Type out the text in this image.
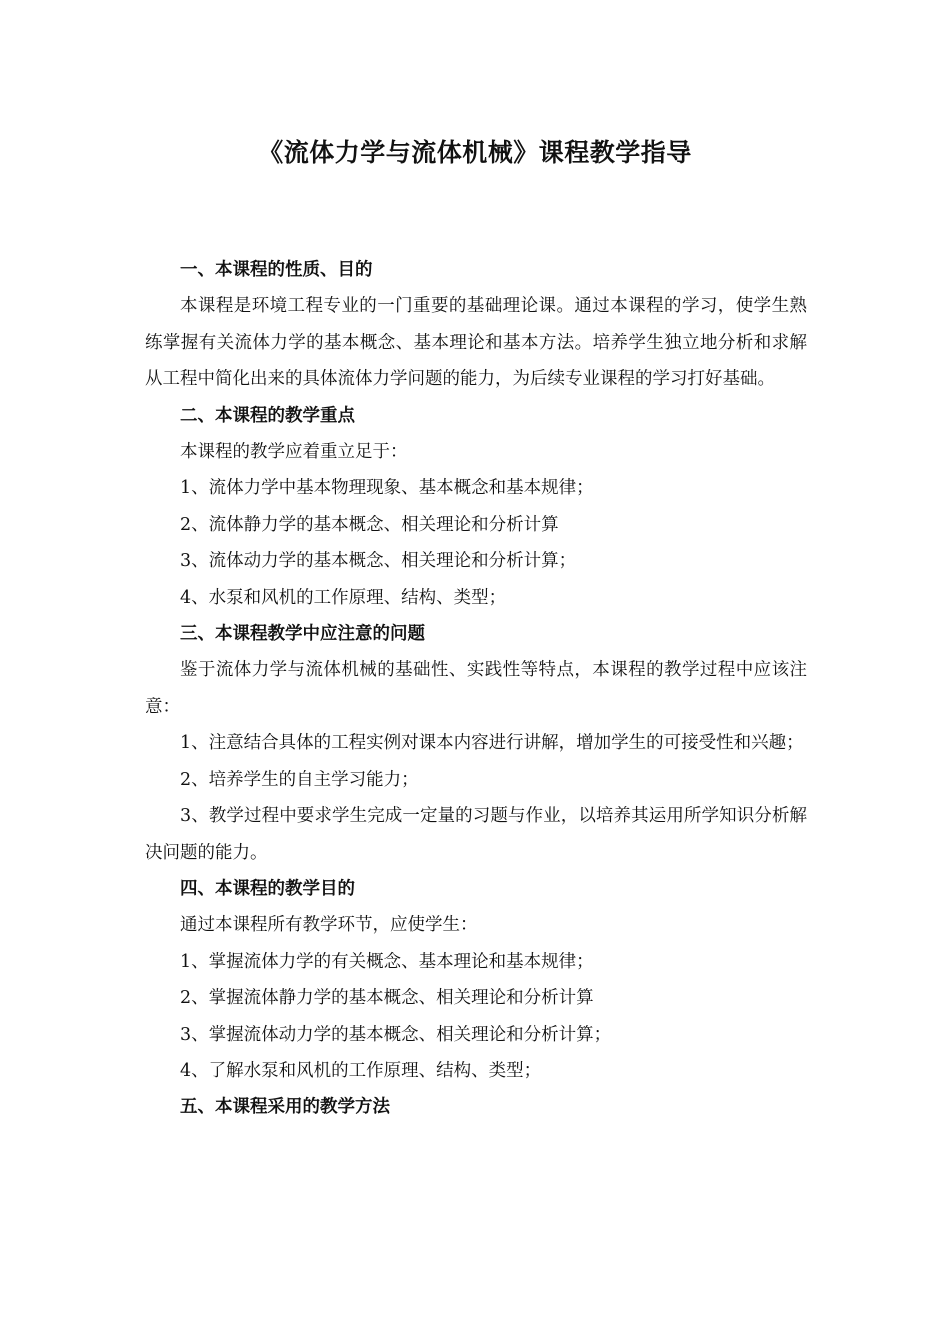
《流体力学与流体机械》课程教学指导
一、本课程的性质、目的

本课程是环境工程专业的一门重要的基础理论课。通过本课程的学习，使学生熟练掌握有关流体力学的基本概念、基本理论和基本方法。培养学生独立地分析和求解从工程中简化出来的具体流体力学问题的能力，为后续专业课程的学习打好基础。

二、本课程的教学重点

本课程的教学应着重立足于：

1、流体力学中基本物理现象、基本概念和基本规律；

2、流体静力学的基本概念、相关理论和分析计算

3、流体动力学的基本概念、相关理论和分析计算；

4、水泵和风机的工作原理、结构、类型；

三、本课程教学中应注意的问题

鉴于流体力学与流体机械的基础性、实践性等特点，本课程的教学过程中应该注意：

1、注意结合具体的工程实例对课本内容进行讲解，增加学生的可接受性和兴趣；

2、培养学生的自主学习能力；

3、教学过程中要求学生完成一定量的习题与作业，以培养其运用所学知识分析解决问题的能力。

四、本课程的教学目的

通过本课程所有教学环节，应使学生：

1、掌握流体力学的有关概念、基本理论和基本规律；

2、掌握流体静力学的基本概念、相关理论和分析计算

3、掌握流体动力学的基本概念、相关理论和分析计算；

4、了解水泵和风机的工作原理、结构、类型；

五、本课程采用的教学方法
